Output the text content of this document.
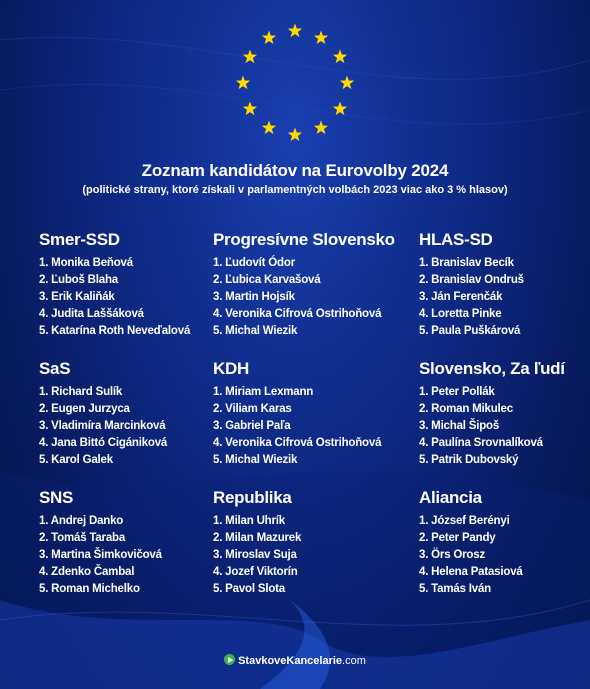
Zoznam kandidátov na Eurovolby 2024
(politické strany, ktoré získali v parlamentných volbách 2023 viac ako 3 % hlasov)
Smer-SSD
1. Monika Beňová
2. Ľuboš Blaha
3. Erik Kaliňák
4. Judita Laššáková
5. Katarína Roth Neveďalová
Progresívne Slovensko
1. Ľudovít Ódor
2. Ľubica Karvašová
3. Martin Hojsík
4. Veronika Cifrová Ostrihoňová
5. Michal Wiezik
HLAS-SD
1. Branislav Becík
2. Branislav Ondruš
3. Ján Ferenčák
4. Loretta Pinke
5. Paula Puškárová
SaS
1. Richard Sulík
2. Eugen Jurzyca
3. Vladimíra Marcinková
4. Jana Bittó Cigániková
5. Karol Galek
KDH
1. Miriam Lexmann
2. Viliam Karas
3. Gabriel Paľa
4. Veronika Cifrová Ostrihoňová
5. Michal Wiezik
Slovensko, Za ľudí
1. Peter Pollák
2. Roman Mikulec
3. Michal Šipoš
4. Paulína Srovnalíková
5. Patrik Dubovský
SNS
1. Andrej Danko
2. Tomáš Taraba
3. Martina Šimkovičová
4. Zdenko Čambal
5. Roman Michelko
Republika
1. Milan Uhrík
2. Milan Mazurek
3. Miroslav Suja
4. Jozef Viktorín
5. Pavol Slota
Aliancia
1. József Berényi
2. Peter Pandy
3. Örs Orosz
4. Helena Patasiová
5. Tamás Iván
StavkoveKancelarie.com
